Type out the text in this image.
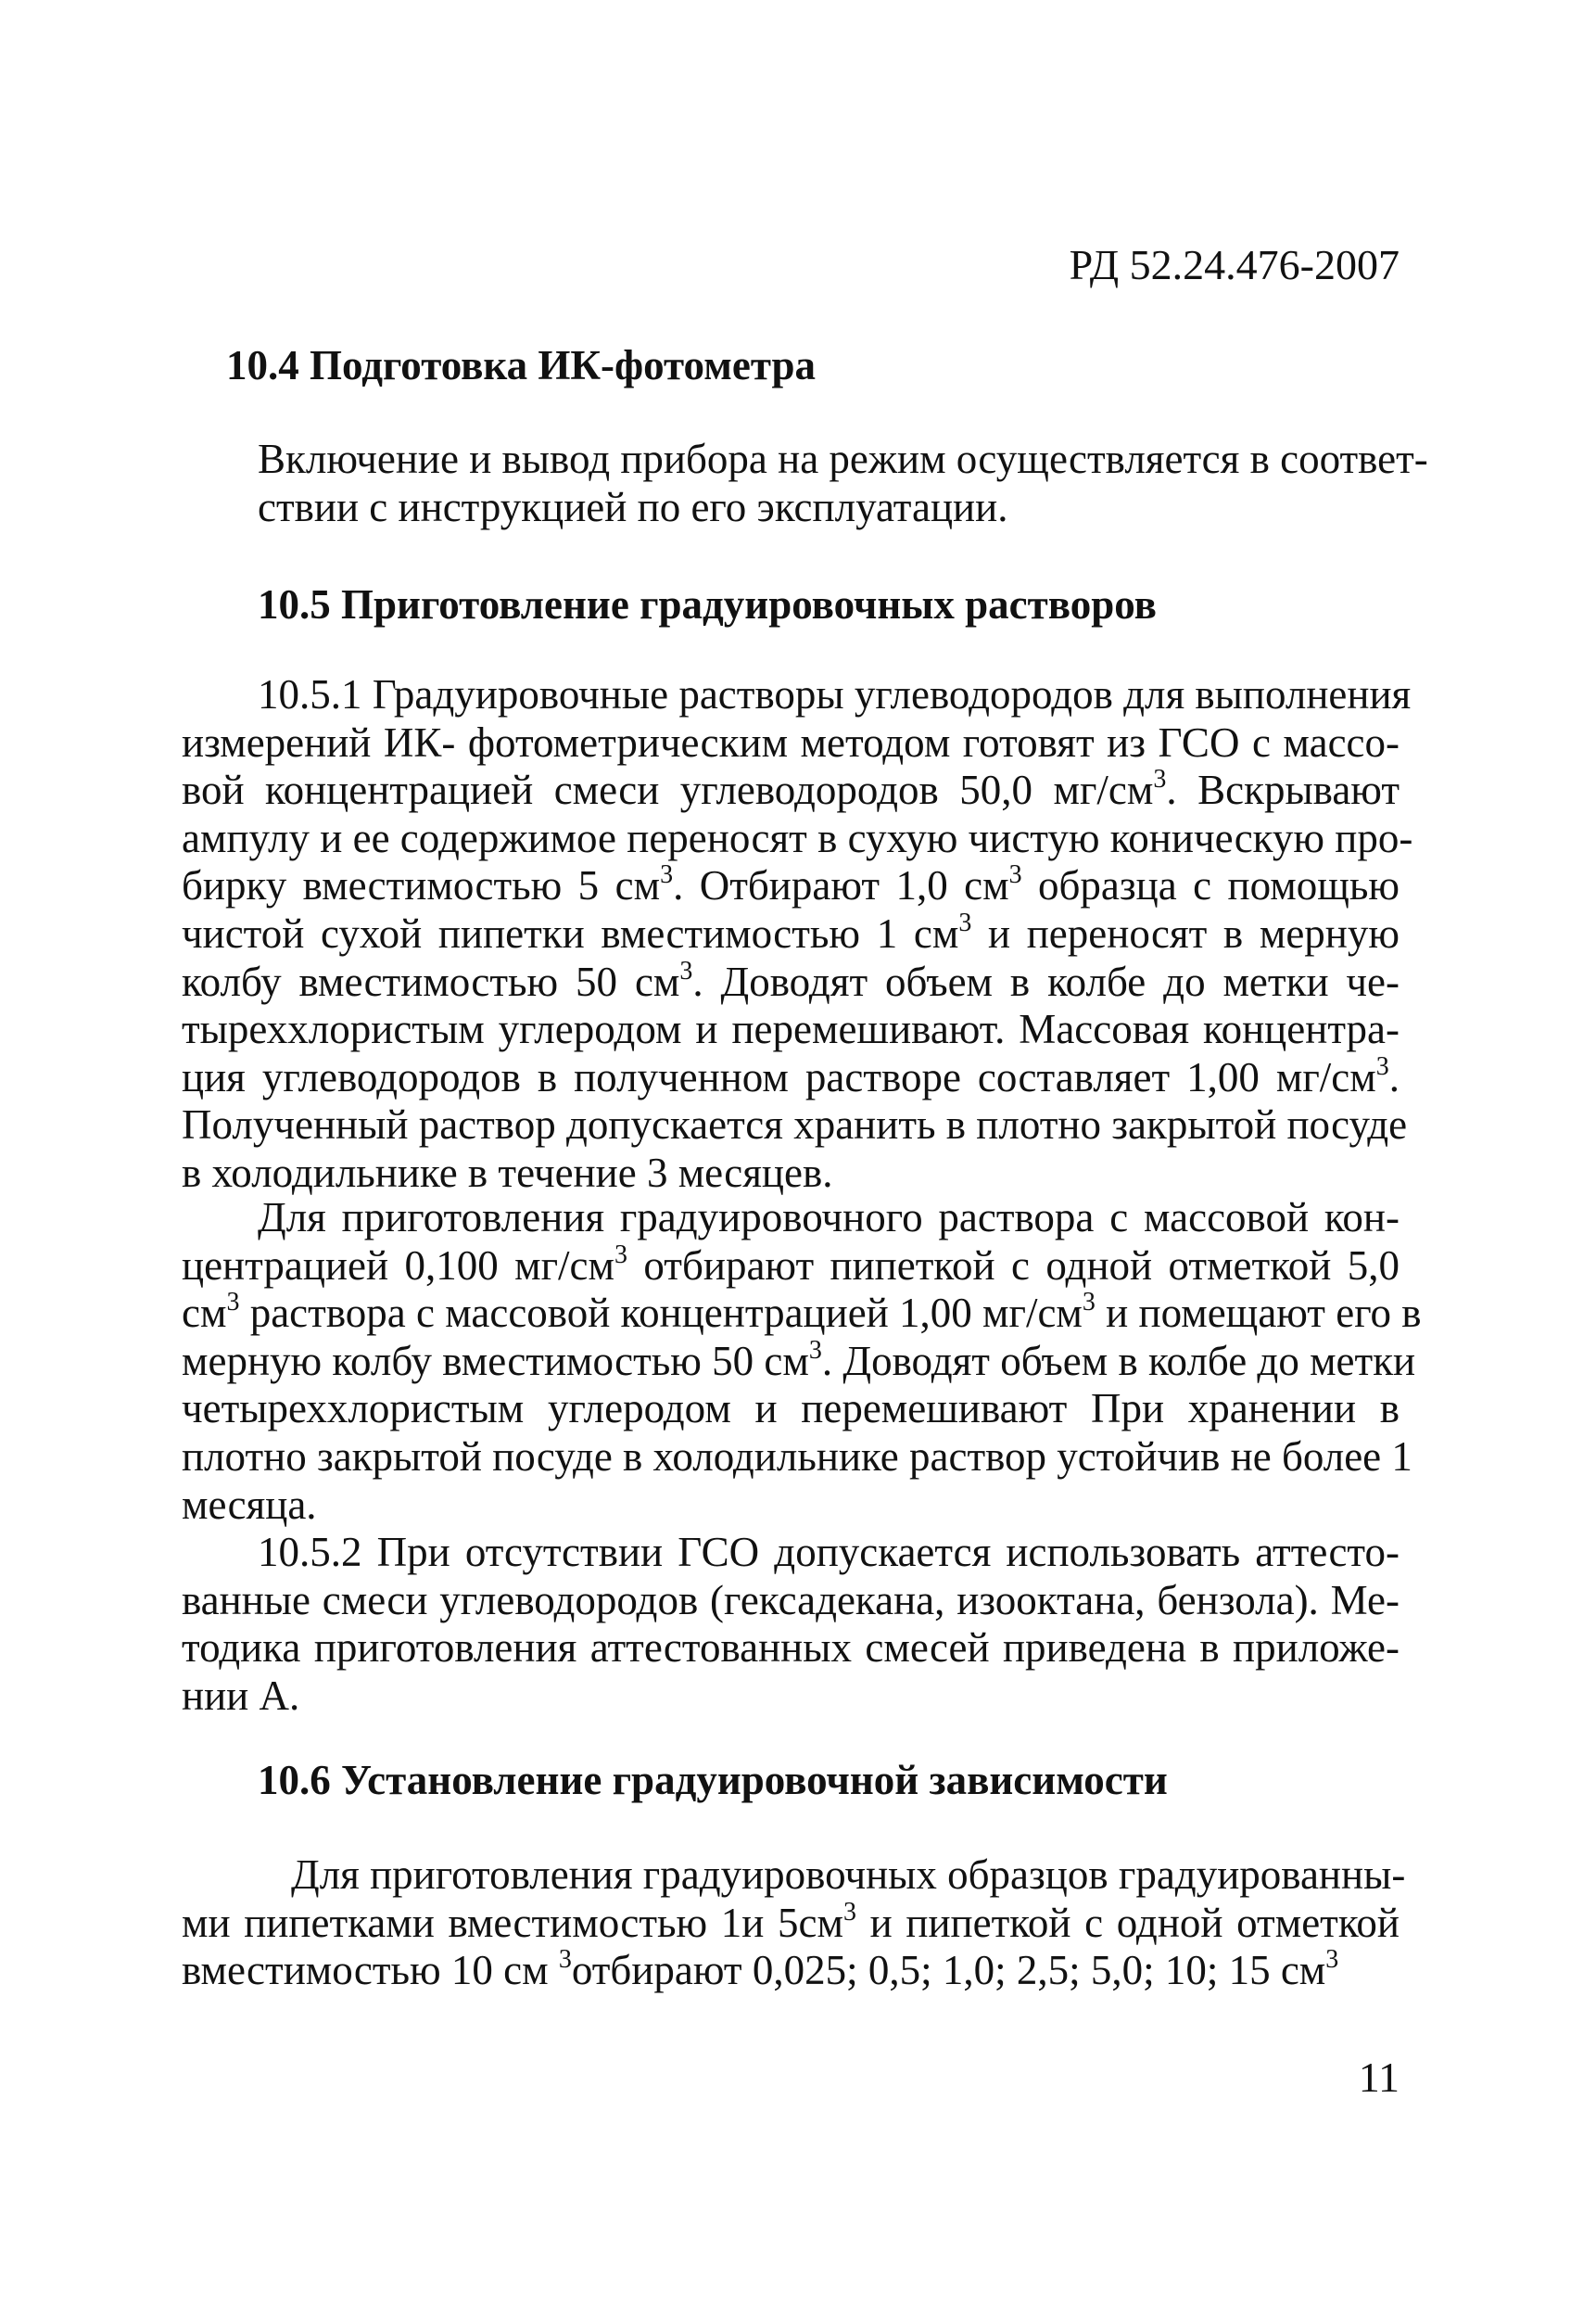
РД 52.24.476-2007
10.4 Подготовка ИК-фотометра
Включение и вывод прибора на режим осуществляется в соответ-
ствии с инструкцией по его эксплуатации.
10.5 Приготовление градуировочных растворов
10.5.1 Градуировочные растворы углеводородов для выполнения
измерений ИК- фотометрическим методом готовят из ГСО с массо-
вой концентрацией смеси углеводородов 50,0 $мг/см^3$. Вскрывают
ампулу и ее содержимое переносят в сухую чистую коническую про-
бирку вместимостью 5 $см^3$. Отбирают 1,0 $см^3$ образца с помощью
чистой сухой пипетки вместимостью 1 $см^3$ и переносят в мерную
колбу вместимостью 50 $см^3$. Доводят объем в колбе до метки че-
тырехxлористым углеродом и перемешивают. Массовая концентра-
ция углеводородов в полученном растворе составляет 1,00 $мг/см^3$.
Полученный раствор допускается хранить в плотно закрытой посуде
в холодильнике в течение 3 месяцев.
Для приготовления градуировочного раствора с массовой кон-
центрацией 0,100 $мг/см^3$ отбирают пипеткой с одной отметкой 5,0
$см^3$ раствора с массовой концентрацией 1,00 $мг/см^3$ и помещают его в
мерную колбу вместимостью 50 $см^3$. Доводят объем в колбе до метки
четыреххлористым углеродом и перемешивают При хранении в
плотно закрытой посуде в холодильнике раствор устойчив не более 1
месяца.
10.5.2 При отсутствии ГСО допускается использовать аттесто-
ванные смеси углеводородов (гексадекана, изооктана, бензола). Ме-
тодика приготовления аттестованных смесей приведена в приложе-
нии А.
10.6 Установление градуировочной зависимости
Для приготовления градуировочных образцов градуированны-
ми пипетками вместимостью 1и $5см^3$ и пипеткой с одной отметкой
вместимостью 10 см $^3$отбирают 0,025; 0,5; 1,0; 2,5; 5,0; 10; 15 $см^3$
11
